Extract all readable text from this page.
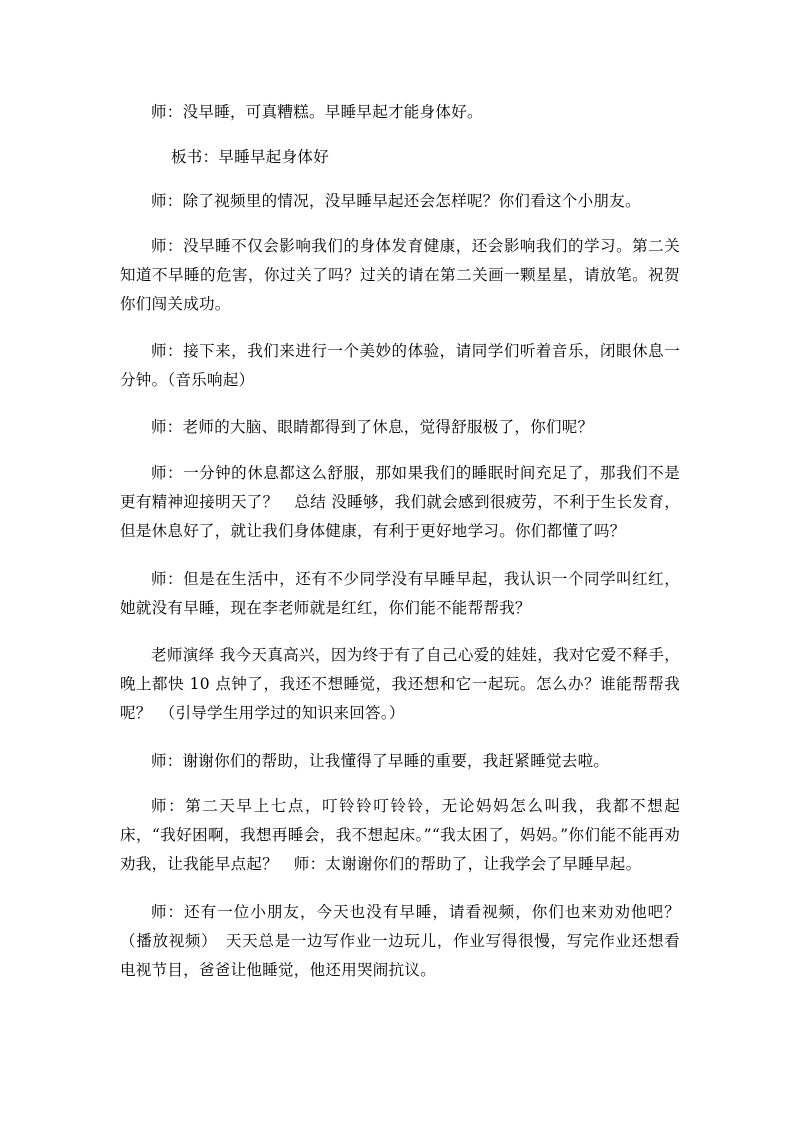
师：没早睡，可真糟糕。早睡早起才能身体好。

板书：早睡早起身体好

师：除了视频里的情况，没早睡早起还会怎样呢？你们看这个小朋友。

师：没早睡不仅会影响我们的身体发育健康，还会影响我们的学习。第二关知道不早睡的危害，你过关了吗？过关的请在第二关画一颗星星，请放笔。祝贺你们闯关成功。

师：接下来，我们来进行一个美妙的体验，请同学们听着音乐，闭眼休息一分钟。（音乐响起）

师：老师的大脑、眼睛都得到了休息，觉得舒服极了，你们呢？

师：一分钟的休息都这么舒服，那如果我们的睡眠时间充足了，那我们不是更有精神迎接明天了？　总结 没睡够，我们就会感到很疲劳，不利于生长发育，但是休息好了，就让我们身体健康，有利于更好地学习。你们都懂了吗？

师：但是在生活中，还有不少同学没有早睡早起，我认识一个同学叫红红，她就没有早睡，现在李老师就是红红，你们能不能帮帮我？

老师演绎 我今天真高兴，因为终于有了自己心爱的娃娃，我对它爱不释手，晚上都快 10 点钟了，我还不想睡觉，我还想和它一起玩。怎么办？谁能帮帮我呢？　（引导学生用学过的知识来回答。）

师：谢谢你们的帮助，让我懂得了早睡的重要，我赶紧睡觉去啦。

师：第二天早上七点，叮铃铃叮铃铃，无论妈妈怎么叫我，我都不想起床，“我好困啊，我想再睡会，我不想起床。”“我太困了，妈妈。”你们能不能再劝劝我，让我能早点起？　师：太谢谢你们的帮助了，让我学会了早睡早起。

师：还有一位小朋友，今天也没有早睡，请看视频，你们也来劝劝他吧？（播放视频）　天天总是一边写作业一边玩儿，作业写得很慢，写完作业还想看电视节目，爸爸让他睡觉，他还用哭闹抗议。
